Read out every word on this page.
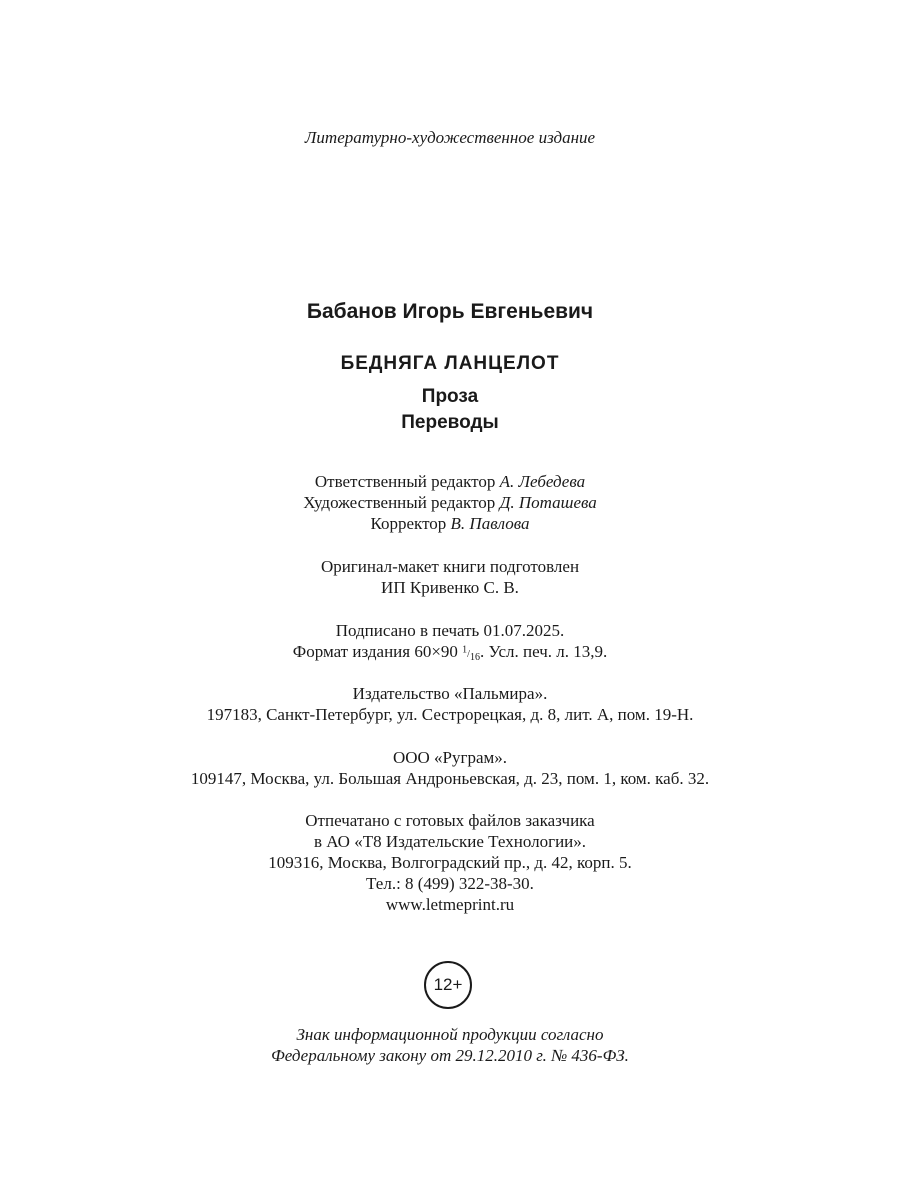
Литературно-художественное издание
Бабанов Игорь Евгеньевич
БЕДНЯГА ЛАНЦЕЛОТ
Проза
Переводы
Ответственный редактор А. Лебедева
Художественный редактор Д. Поташева
Корректор В. Павлова
Оригинал-макет книги подготовлен
ИП Кривенко С. В.
Подписано в печать 01.07.2025.
Формат издания 60×90 $^1/_{16}$. Усл. печ. л. 13,9.
Издательство «Пальмира».
197183, Санкт-Петербург, ул. Сестрорецкая, д. 8, лит. А, пом. 19-Н.
ООО «Руграм».
109147, Москва, ул. Большая Андроньевская, д. 23, пом. 1, ком. каб. 32.
Отпечатано с готовых файлов заказчика
в АО «Т8 Издательские Технологии».
109316, Москва, Волгоградский пр., д. 42, корп. 5.
Тел.: 8 (499) 322-38-30.
www.letmeprint.ru
12+
Знак информационной продукции согласно
Федеральному закону от 29.12.2010 г. № 436-ФЗ.
